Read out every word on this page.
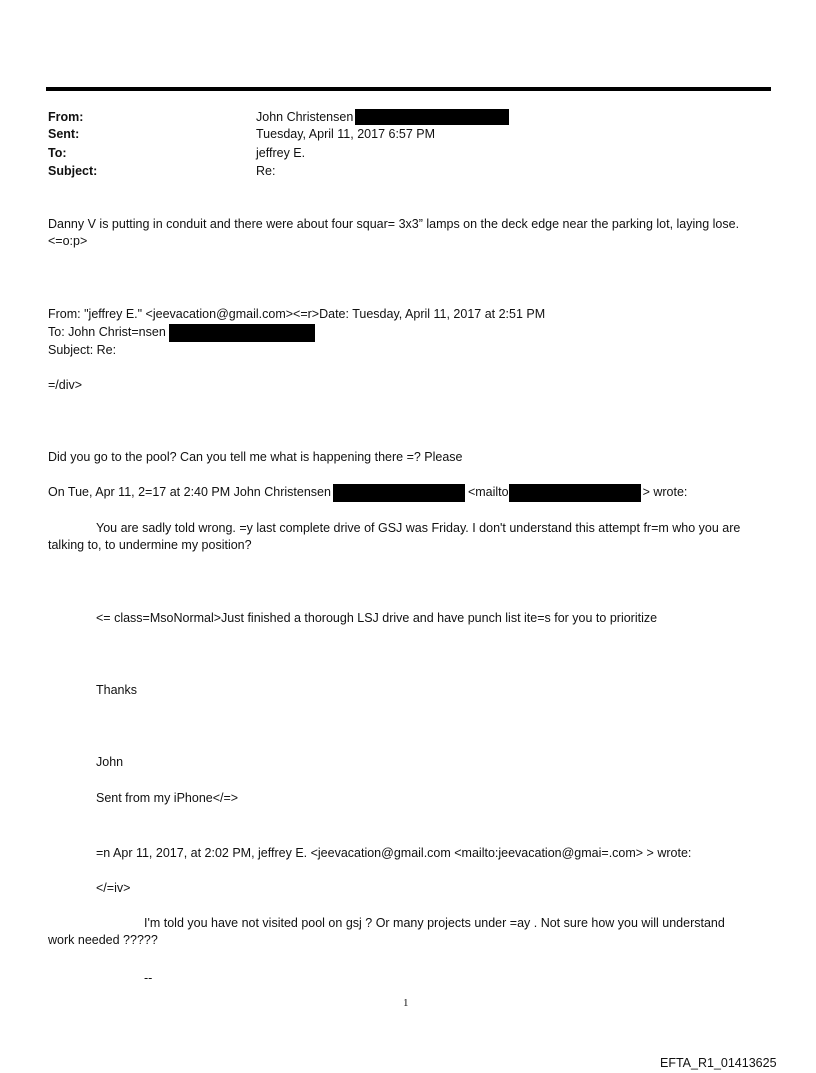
From:
Sent:
To:
Subject:
John Christensen
Tuesday, April 11, 2017 6:57 PM
jeffrey E.
Re:
Danny V is putting in conduit and there were about four squar= 3x3” lamps on the deck edge near the parking lot, laying lose.<=o:p>
From: "jeffrey E." <jeevacation@gmail.com><=r>Date: Tuesday, April 11, 2017 at 2:51 PM
To: John Christ=nsen
Subject: Re:
=/div>
Did you go to the pool? Can you tell me what is happening there =? Please
On Tue, Apr 11, 2=17 at 2:40 PM John Christensen	<mailto	> wrote:
You are sadly told wrong. =y last complete drive of GSJ was Friday. I don't understand this attempt fr=m who you are talking to, to undermine my position?
<= class=MsoNormal>Just finished a thorough LSJ drive and have punch list ite=s for you to prioritize
Thanks
John
Sent from my iPhone</=>
=n Apr 11, 2017, at 2:02 PM, jeffrey E. <jeevacation@gmail.com <mailto:jeevacation@gmai=.com> > wrote:
</=iv>
I'm told you have not visited pool on gsj ? Or many projects under =ay . Not sure how you will understand work needed ?????
--
1
EFTA_R1_01413625
